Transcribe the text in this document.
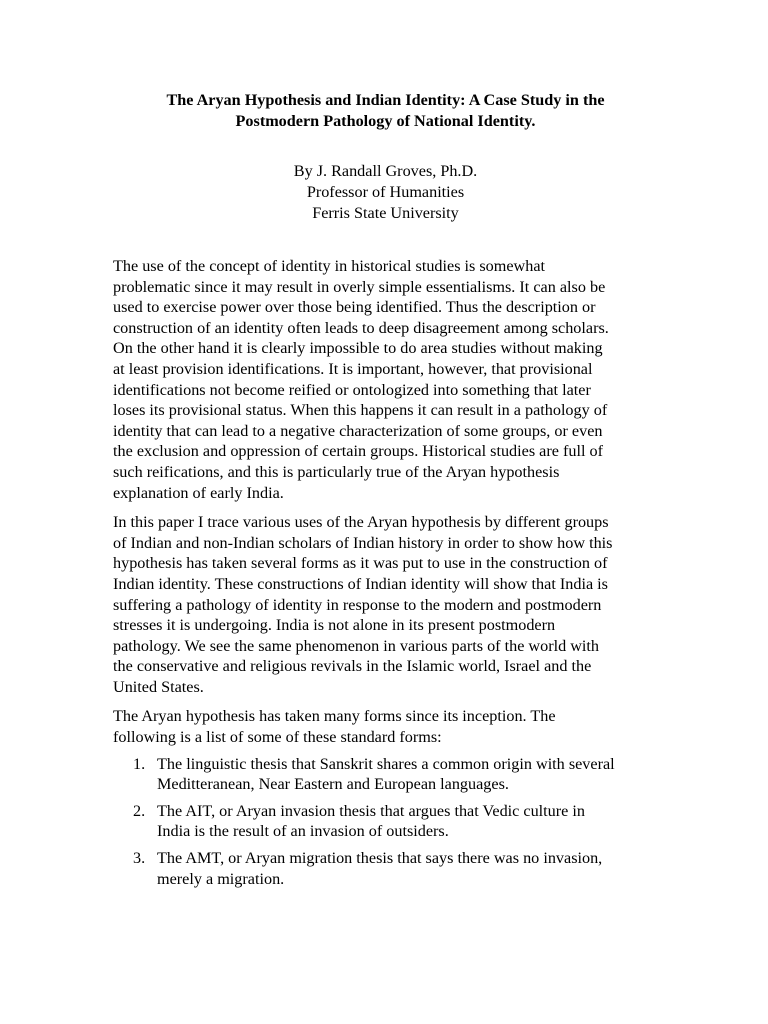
The Aryan Hypothesis and Indian Identity: A Case Study in the
Postmodern Pathology of National Identity.
By J. Randall Groves, Ph.D.
Professor of Humanities
Ferris State University

The use of the concept of identity in historical studies is somewhat
problematic since it may result in overly simple essentialisms. It can also be
used to exercise power over those being identified. Thus the description or
construction of an identity often leads to deep disagreement among scholars.
On the other hand it is clearly impossible to do area studies without making
at least provision identifications. It is important, however, that provisional
identifications not become reified or ontologized into something that later
loses its provisional status. When this happens it can result in a pathology of
identity that can lead to a negative characterization of some groups, or even
the exclusion and oppression of certain groups. Historical studies are full of
such reifications, and this is particularly true of the Aryan hypothesis
explanation of early India.

In this paper I trace various uses of the Aryan hypothesis by different groups
of Indian and non-Indian scholars of Indian history in order to show how this
hypothesis has taken several forms as it was put to use in the construction of
Indian identity. These constructions of Indian identity will show that India is
suffering a pathology of identity in response to the modern and postmodern
stresses it is undergoing. India is not alone in its present postmodern
pathology. We see the same phenomenon in various parts of the world with
the conservative and religious revivals in the Islamic world, Israel and the
United States.

The Aryan hypothesis has taken many forms since its inception. The
following is a list of some of these standard forms:

1. The linguistic thesis that Sanskrit shares a common origin with several
Meditteranean, Near Eastern and European languages.
2. The AIT, or Aryan invasion thesis that argues that Vedic culture in
India is the result of an invasion of outsiders.
3. The AMT, or Aryan migration thesis that says there was no invasion,
merely a migration.
